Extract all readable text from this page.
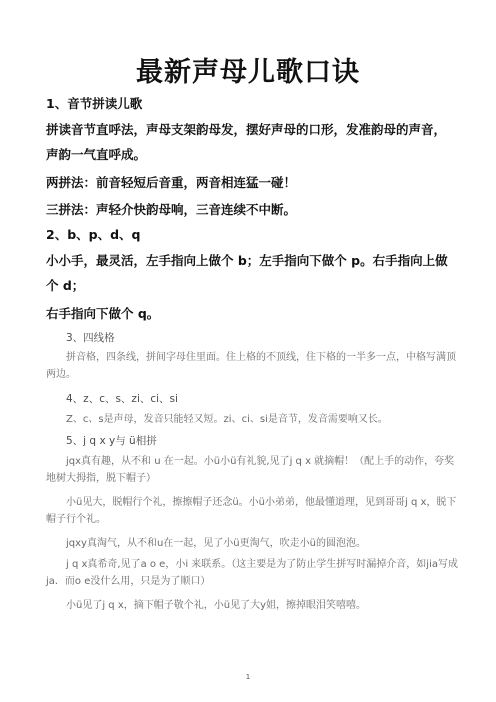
最新声母儿歌口诀

1、音节拼读儿歌

拼读音节直呼法，声母支架韵母发，摆好声母的口形，发准韵母的声音，声韵一气直呼成。

两拼法：前音轻短后音重，两音相连猛一碰！

三拼法：声轻介快韵母响，三音连续不中断。

2、b、p、d、q

小小手，最灵活，左手指向上做个 b；左手指向下做个 p。右手指向上做个 d；

右手指向下做个 q。

3、四线格

拼音格，四条线，拼间字母住里面。住上格的不顶线，住下格的一半多一点，中格写满顶两边。

4、z、c、s、zi、ci、si

Z、c、s是声母，发音只能轻又短。zi、ci、si是音节，发音需要响又长。

5、j q x y与 ü相拼

jqx真有趣，从不和 u 在一起。小ü小ü有礼貌,见了j q x 就摘帽！（配上手的动作，夸奖地树大拇指，脱下帽子）

小ü见大，脱帽行个礼，擦擦帽子还念ü。小ü小弟弟，他最懂道理，见到哥哥j q x，脱下帽子行个礼。

jqxy真淘气，从不和u在一起，见了小ü更淘气，吹走小ü的圆泡泡。

j q x真希奇,见了a o e，小i 来联系。（这主要是为了防止学生拼写时漏掉介音，如jia写成ja．而o e没什么用，只是为了顺口）

小ü见了j q x，摘下帽子敬个礼，小ü见了大y姐，擦掉眼泪笑嘻嘻。

1
